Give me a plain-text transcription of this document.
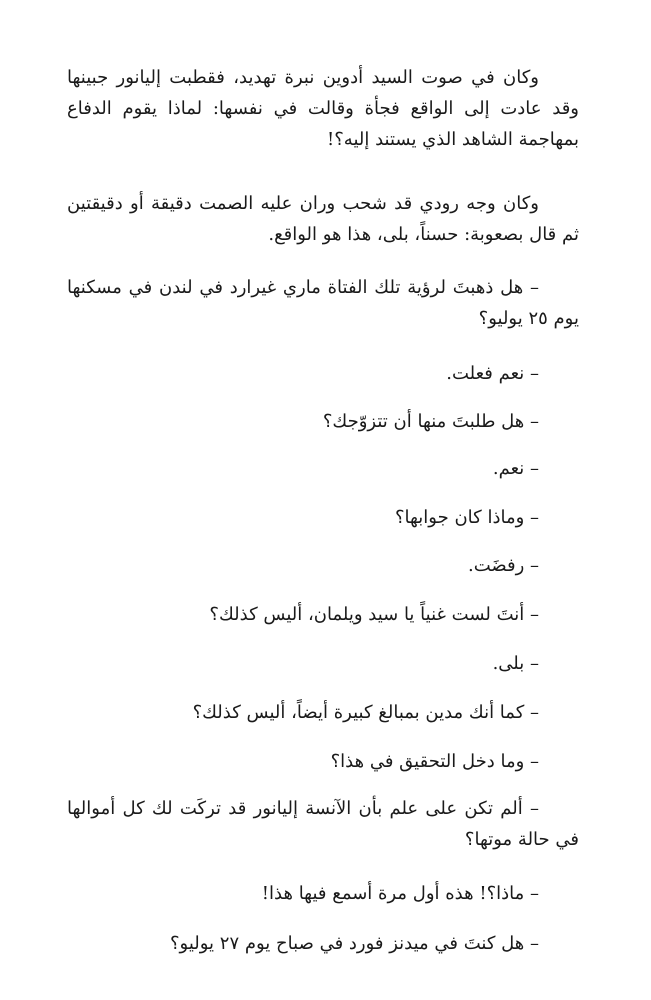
وكان في صوت السيد أدوين نبرة تهديد، فقطبت إليانور جبينها وقد عادت إلى الواقع فجأة وقالت في نفسها: لماذا يقوم الدفاع بمهاجمة الشاهد الذي يستند إليه؟!

وكان وجه رودي قد شحب وران عليه الصمت دقيقة أو دقيقتين ثم قال بصعوبة: حسناً، بلى، هذا هو الواقع.

– هل ذهبتَ لرؤية تلك الفتاة ماري غيرارد في لندن في مسكنها يوم ٢٥ يوليو؟

– نعم فعلت.

– هل طلبتَ منها أن تتزوّجك؟

– نعم.

– وماذا كان جوابها؟

– رفضَت.

– أنتَ لست غنياً يا سيد ويلمان، أليس كذلك؟

– بلى.

– كما أنك مدين بمبالغ كبيرة أيضاً، أليس كذلك؟

– وما دخل التحقيق في هذا؟

– ألم تكن على علم بأن الآنسة إليانور قد تركَت لك كل أموالها في حالة موتها؟

– ماذا؟! هذه أول مرة أسمع فيها هذا!

– هل كنتَ في ميدنز فورد في صباح يوم ٢٧ يوليو؟
